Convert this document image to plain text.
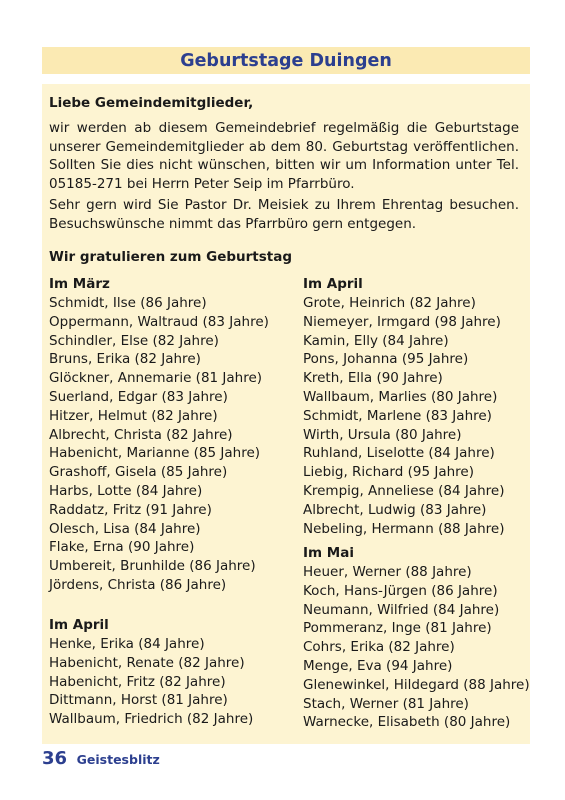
Geburtstage Duingen
Liebe Gemeindemitglieder,

wir werden ab diesem Gemeindebrief regelmäßig die Geburtstage unserer Gemeindemitglieder ab dem 80. Geburtstag veröffentlichen. Sollten Sie dies nicht wünschen, bitten wir um Information unter Tel. 05185-271 bei Herrn Peter Seip im Pfarrbüro.

Sehr gern wird Sie Pastor Dr. Meisiek zu Ihrem Ehrentag besuchen. Besuchswünsche nimmt das Pfarrbüro gern entgegen.

Wir gratulieren zum Geburtstag
Im März
Schmidt, Ilse (86 Jahre)
Oppermann, Waltraud (83 Jahre)
Schindler, Else (82 Jahre)
Bruns, Erika (82 Jahre)
Glöckner, Annemarie (81 Jahre)
Suerland, Edgar (83 Jahre)
Hitzer, Helmut (82 Jahre)
Albrecht, Christa (82 Jahre)
Habenicht, Marianne (85 Jahre)
Grashoff, Gisela (85 Jahre)
Harbs, Lotte (84 Jahre)
Raddatz, Fritz (91 Jahre)
Olesch, Lisa (84 Jahre)
Flake, Erna (90 Jahre)
Umbereit, Brunhilde (86 Jahre)
Jördens, Christa (86 Jahre)
Im April
Henke, Erika (84 Jahre)
Habenicht, Renate (82 Jahre)
Habenicht, Fritz (82 Jahre)
Dittmann, Horst (81 Jahre)
Wallbaum, Friedrich (82 Jahre)
Im April
Grote, Heinrich (82 Jahre)
Niemeyer, Irmgard (98 Jahre)
Kamin, Elly (84 Jahre)
Pons, Johanna (95 Jahre)
Kreth, Ella (90 Jahre)
Wallbaum, Marlies (80 Jahre)
Schmidt, Marlene (83 Jahre)
Wirth, Ursula (80 Jahre)
Ruhland, Liselotte (84 Jahre)
Liebig, Richard (95 Jahre)
Krempig, Anneliese (84 Jahre)
Albrecht, Ludwig (83 Jahre)
Nebeling, Hermann (88 Jahre)
Im Mai
Heuer, Werner (88 Jahre)
Koch, Hans-Jürgen (86 Jahre)
Neumann, Wilfried (84 Jahre)
Pommeranz, Inge (81 Jahre)
Cohrs, Erika (82 Jahre)
Menge, Eva (94 Jahre)
Glenewinkel, Hildegard (88 Jahre)
Stach, Werner (81 Jahre)
Warnecke, Elisabeth (80 Jahre)
36 Geistesblitz
